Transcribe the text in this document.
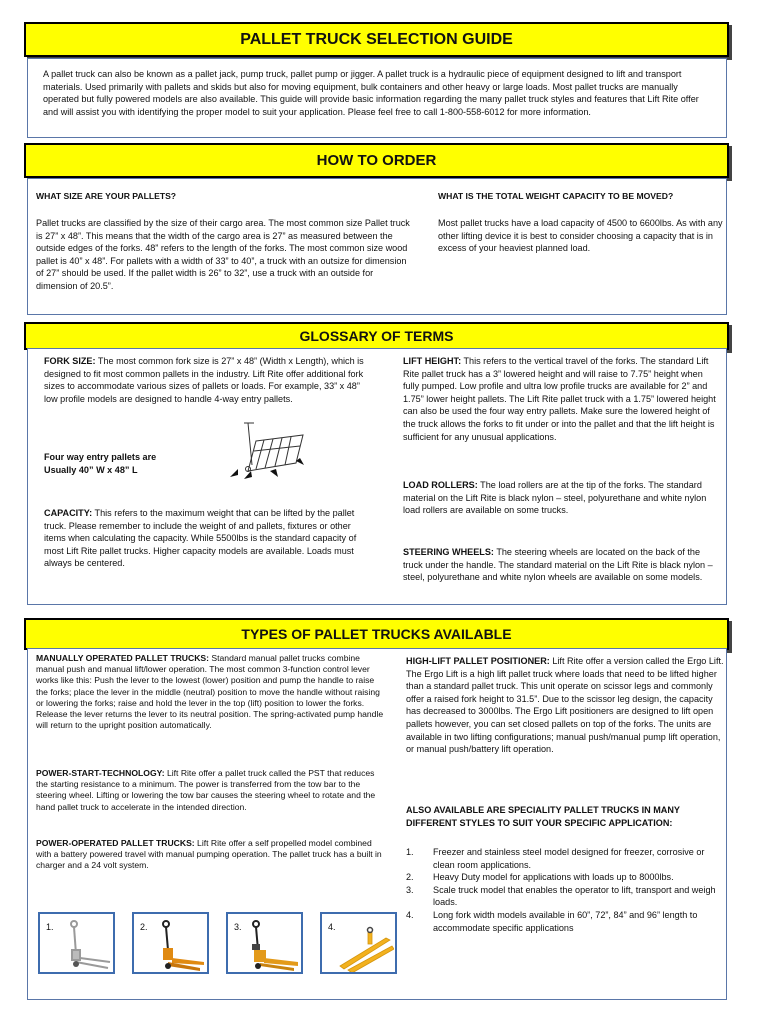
PALLET TRUCK SELECTION GUIDE

A pallet truck can also be known as a pallet jack, pump truck, pallet pump or jigger. A pallet truck is a hydraulic piece of equipment designed to lift and transport materials. Used primarily with pallets and skids but also for moving equipment, bulk containers and other heavy or large loads. Most pallet trucks are manually operated but fully powered models are also available. This guide will provide basic information regarding the many pallet truck styles and features that Lift Rite offer and will assist you with identifying the proper model to suit your application. Please feel free to call 1-800-558-6012 for more information.

HOW TO ORDER
WHAT SIZE ARE YOUR PALLETS?

Pallet trucks are classified by the size of their cargo area. The most common size Pallet truck is 27” x 48”. This means that the width of the cargo area is 27” as measured between the outside edges of the forks. 48” refers to the length of the forks. The most common size wood pallet is 40” x 48”. For pallets with a width of 33” to 40”, a truck with an outsize for dimension of 27” should be used. If the pallet width is 26” to 32”, use a truck with an outside for dimension of 20.5”.

WHAT IS THE TOTAL WEIGHT CAPACITY TO BE MOVED?

Most pallet trucks have a load capacity of 4500 to 6600lbs. As with any other lifting device it is best to consider choosing a capacity that is in excess of your heaviest planned load.

GLOSSARY OF TERMS

FORK SIZE: The most common fork size is 27” x 48” (Width x Length), which is designed to fit most common pallets in the industry. Lift Rite offer additional fork sizes to accommodate various sizes of pallets or loads. For example, 33” x 48” low profile models are designed to handle 4-way entry pallets.

Four way entry pallets are
Usually 40” W x 48” L

CAPACITY: This refers to the maximum weight that can be lifted by the pallet truck. Please remember to include the weight of and pallets, fixtures or other items when calculating the capacity. While 5500lbs is the standard capacity of most Lift Rite pallet trucks. Higher capacity models are available. Loads must always be centered.

LIFT HEIGHT: This refers to the vertical travel of the forks. The standard Lift Rite pallet truck has a 3” lowered height and will raise to 7.75” height when fully pumped. Low profile and ultra low profile trucks are available for 2” and 1.75” lower height pallets. The Lift Rite pallet truck with a 1.75” lowered height can also be used the four way entry pallets. Make sure the lowered height of the truck allows the forks to fit under or into the pallet and that the lift height is sufficient for any unusual applications.

LOAD ROLLERS: The load rollers are at the tip of the forks. The standard material on the Lift Rite is black nylon – steel, polyurethane and white nylon load rollers are available on some trucks.

STEERING WHEELS: The steering wheels are located on the back of the truck under the handle. The standard material on the Lift Rite is black nylon – steel, polyurethane and white nylon wheels are available on some models.

TYPES OF PALLET TRUCKS AVAILABLE

MANUALLY OPERATED PALLET TRUCKS: Standard manual pallet trucks combine manual push and manual lift/lower operation. The most common 3-function control lever works like this: Push the lever to the lowest (lower) position and pump the handle to raise the forks; place the lever in the middle (neutral) position to move the handle without raising or lowering the forks; raise and hold the lever in the top (lift) position to lower the forks. Release the lever returns the lever to its neutral position. The spring-activated pump handle will return to the upright position automatically.

POWER-START-TECHNOLOGY: Lift Rite offer a pallet truck called the PST that reduces the starting resistance to a minimum. The power is transferred from the tow bar to the steering wheel. Lifting or lowering the tow bar causes the steering wheel to rotate and the hand pallet truck to accelerate in the intended direction.

POWER-OPERATED PALLET TRUCKS: Lift Rite offer a self propelled model combined with a battery powered travel with manual pumping operation. The pallet truck has a built in charger and a 24 volt system.

HIGH-LIFT PALLET POSITIONER: Lift Rite offer a version called the Ergo Lift. The Ergo Lift is a high lift pallet truck where loads that need to be lifted higher than a standard pallet truck. This unit operate on scissor legs and commonly offer a raised fork height to 31.5”. Due to the scissor leg design, the capacity has decreased to 3000lbs. The Ergo Lift positioners are designed to lift open pallets however, you can set closed pallets on top of the forks. The units are available in two lifting configurations; manual push/manual pump lift operation, or manual push/battery lift operation.

ALSO AVAILABLE ARE SPECIALITY PALLET TRUCKS IN MANY DIFFERENT STYLES TO SUIT YOUR SPECIFIC APPLICATION:

1.	Freezer and stainless steel model designed for freezer, corrosive or clean room applications.
2.	Heavy Duty model for applications with loads up to 8000lbs.
3.	Scale truck model that enables the operator to lift, transport and weigh loads.
4.	Long fork width models available in 60”, 72”, 84” and 96” length to accommodate specific applications
1.	2.	3.	4.
